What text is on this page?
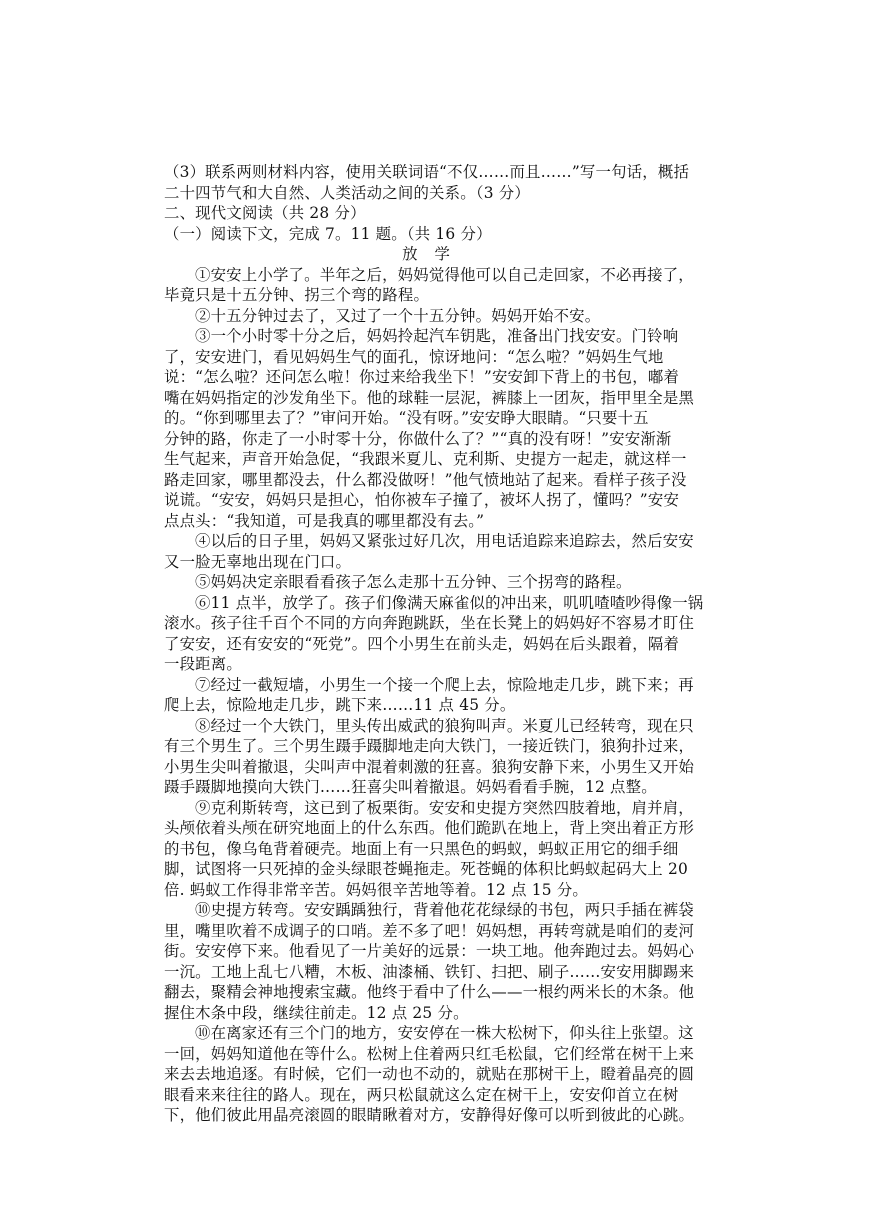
（3）联系两则材料内容，使用关联词语“不仅……而且……”写一句话，概括
二十四节气和大自然、人类活动之间的关系。（3 分）
二、现代文阅读（共 28 分）
（一）阅读下文，完成 7。11 题。（共 16 分）
放 学
①安安上小学了。半年之后，妈妈觉得他可以自己走回家，不必再接了，
毕竟只是十五分钟、拐三个弯的路程。
②十五分钟过去了，又过了一个十五分钟。妈妈开始不安。
③一个小时零十分之后，妈妈拎起汽车钥匙，准备出门找安安。门铃响
了，安安进门，看见妈妈生气的面孔，惊讶地问：“怎么啦？”妈妈生气地
说：“怎么啦？还问怎么啦！你过来给我坐下！”安安卸下背上的书包，嘟着
嘴在妈妈指定的沙发角坐下。他的球鞋一层泥，裤膝上一团灰，指甲里全是黑
的。“你到哪里去了？”审问开始。“没有呀。”安安睁大眼睛。“只要十五
分钟的路，你走了一小时零十分，你做什么了？”“真的没有呀！”安安渐渐
生气起来，声音开始急促，“我跟米夏儿、克利斯、史提方一起走，就这样一
路走回家，哪里都没去，什么都没做呀！”他气愤地站了起来。看样子孩子没
说谎。“安安，妈妈只是担心，怕你被车子撞了，被坏人拐了，懂吗？”安安
点点头：“我知道，可是我真的哪里都没有去。”
④以后的日子里，妈妈又紧张过好几次，用电话追踪来追踪去，然后安安
又一脸无辜地出现在门口。
⑤妈妈决定亲眼看看孩子怎么走那十五分钟、三个拐弯的路程。
⑥11 点半，放学了。孩子们像满天麻雀似的冲出来，叽叽喳喳吵得像一锅
滚水。孩子往千百个不同的方向奔跑跳跃，坐在长凳上的妈妈好不容易才盯住
了安安，还有安安的“死党”。四个小男生在前头走，妈妈在后头跟着，隔着
一段距离。
⑦经过一截短墙，小男生一个接一个爬上去，惊险地走几步，跳下来；再
爬上去，惊险地走几步，跳下来……11 点 45 分。
⑧经过一个大铁门，里头传出威武的狼狗叫声。米夏儿已经转弯，现在只
有三个男生了。三个男生蹑手蹑脚地走向大铁门，一接近铁门，狼狗扑过来，
小男生尖叫着撤退，尖叫声中混着刺激的狂喜。狼狗安静下来，小男生又开始
蹑手蹑脚地摸向大铁门……狂喜尖叫着撤退。妈妈看看手腕，12 点整。
⑨克利斯转弯，这已到了板栗街。安安和史提方突然四肢着地，肩并肩，
头颅依着头颅在研究地面上的什么东西。他们跪趴在地上，背上突出着正方形
的书包，像乌龟背着硬壳。地面上有一只黑色的蚂蚁，蚂蚁正用它的细手细
脚，试图将一只死掉的金头绿眼苍蝇拖走。死苍蝇的体积比蚂蚁起码大上 20
倍. 蚂蚁工作得非常辛苦。妈妈很辛苦地等着。12 点 15 分。
⑩史提方转弯。安安踽踽独行，背着他花花绿绿的书包，两只手插在裤袋
里，嘴里吹着不成调子的口哨。差不多了吧！妈妈想，再转弯就是咱们的麦河
街。安安停下来。他看见了一片美好的远景：一块工地。他奔跑过去。妈妈心
一沉。工地上乱七八糟，木板、油漆桶、铁钉、扫把、刷子……安安用脚踢来
翻去，聚精会神地搜索宝藏。他终于看中了什么——一根约两米长的木条。他
握住木条中段，继续往前走。12 点 25 分。
⑩在离家还有三个门的地方，安安停在一株大松树下，仰头往上张望。这
一回，妈妈知道他在等什么。松树上住着两只红毛松鼠，它们经常在树干上来
来去去地追逐。有时候，它们一动也不动的，就贴在那树干上，瞪着晶亮的圆
眼看来来往往的路人。现在，两只松鼠就这么定在树干上，安安仰首立在树
下，他们彼此用晶亮滚圆的眼睛瞅着对方，安静得好像可以听到彼此的心跳。
